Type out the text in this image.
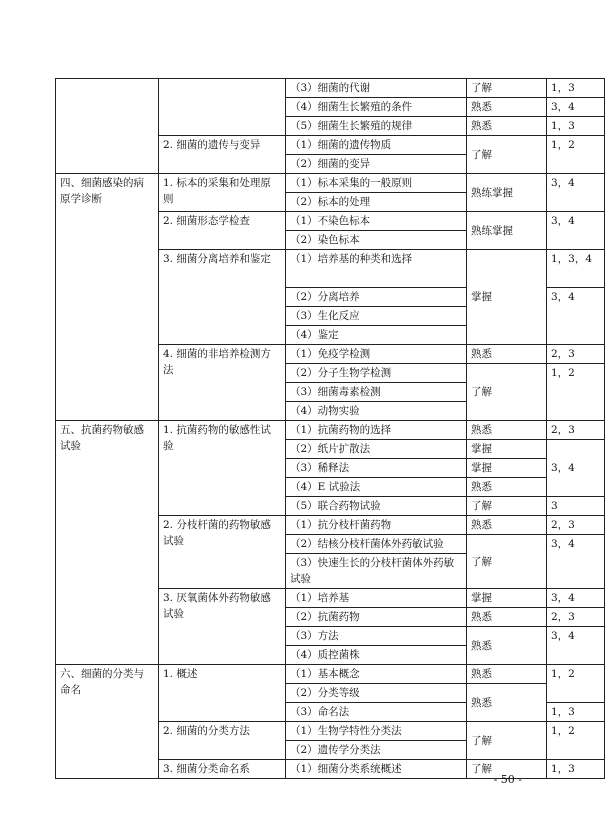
		（3）细菌的代谢	了解	1，3
		（4）细菌生长繁殖的条件	熟悉	3，4
		（5）细菌生长繁殖的规律	熟悉	1，3
	2. 细菌的遗传与变异	（1）细菌的遗传物质	了解	1，2
		（2）细菌的变异		
四、细菌感染的病原学诊断	1. 标本的采集和处理原则	（1）标本采集的一般原则	熟练掌握	3，4
		（2）标本的处理		
	2. 细菌形态学检查	（1）不染色标本	熟练掌握	3，4
		（2）染色标本		
	3. 细菌分离培养和鉴定	（1）培养基的种类和选择	掌握	1，3，4
		（2）分离培养		3，4
		（3）生化反应		
		（4）鉴定		
	4. 细菌的非培养检测方法	（1）免疫学检测	熟悉	2，3
		（2）分子生物学检测	了解	1，2
		（3）细菌毒素检测		
		（4）动物实验		
五、抗菌药物敏感试验	1. 抗菌药物的敏感性试验	（1）抗菌药物的选择	熟悉	2，3
		（2）纸片扩散法	掌握	3，4
		（3）稀释法	掌握	
		（4）E 试验法	熟悉	
		（5）联合药物试验	了解	3
	2. 分枝杆菌的药物敏感试验	（1）抗分枝杆菌药物	熟悉	2，3
		（2）结核分枝杆菌体外药敏试验	了解	3，4
		（3）快速生长的分枝杆菌体外药敏试验		
	3. 厌氧菌体外药物敏感试验	（1）培养基	掌握	3，4
		（2）抗菌药物	熟悉	2，3
		（3）方法	熟悉	3，4
		（4）质控菌株		
六、细菌的分类与命名	1. 概述	（1）基本概念	熟悉	1，2
		（2）分类等级	熟悉	
		（3）命名法		1，3
	2. 细菌的分类方法	（1）生物学特性分类法	了解	1，2
		（2）遗传学分类法		
	3. 细菌分类命名系	（1）细菌分类系统概述	了解	1，3
- 50 -
